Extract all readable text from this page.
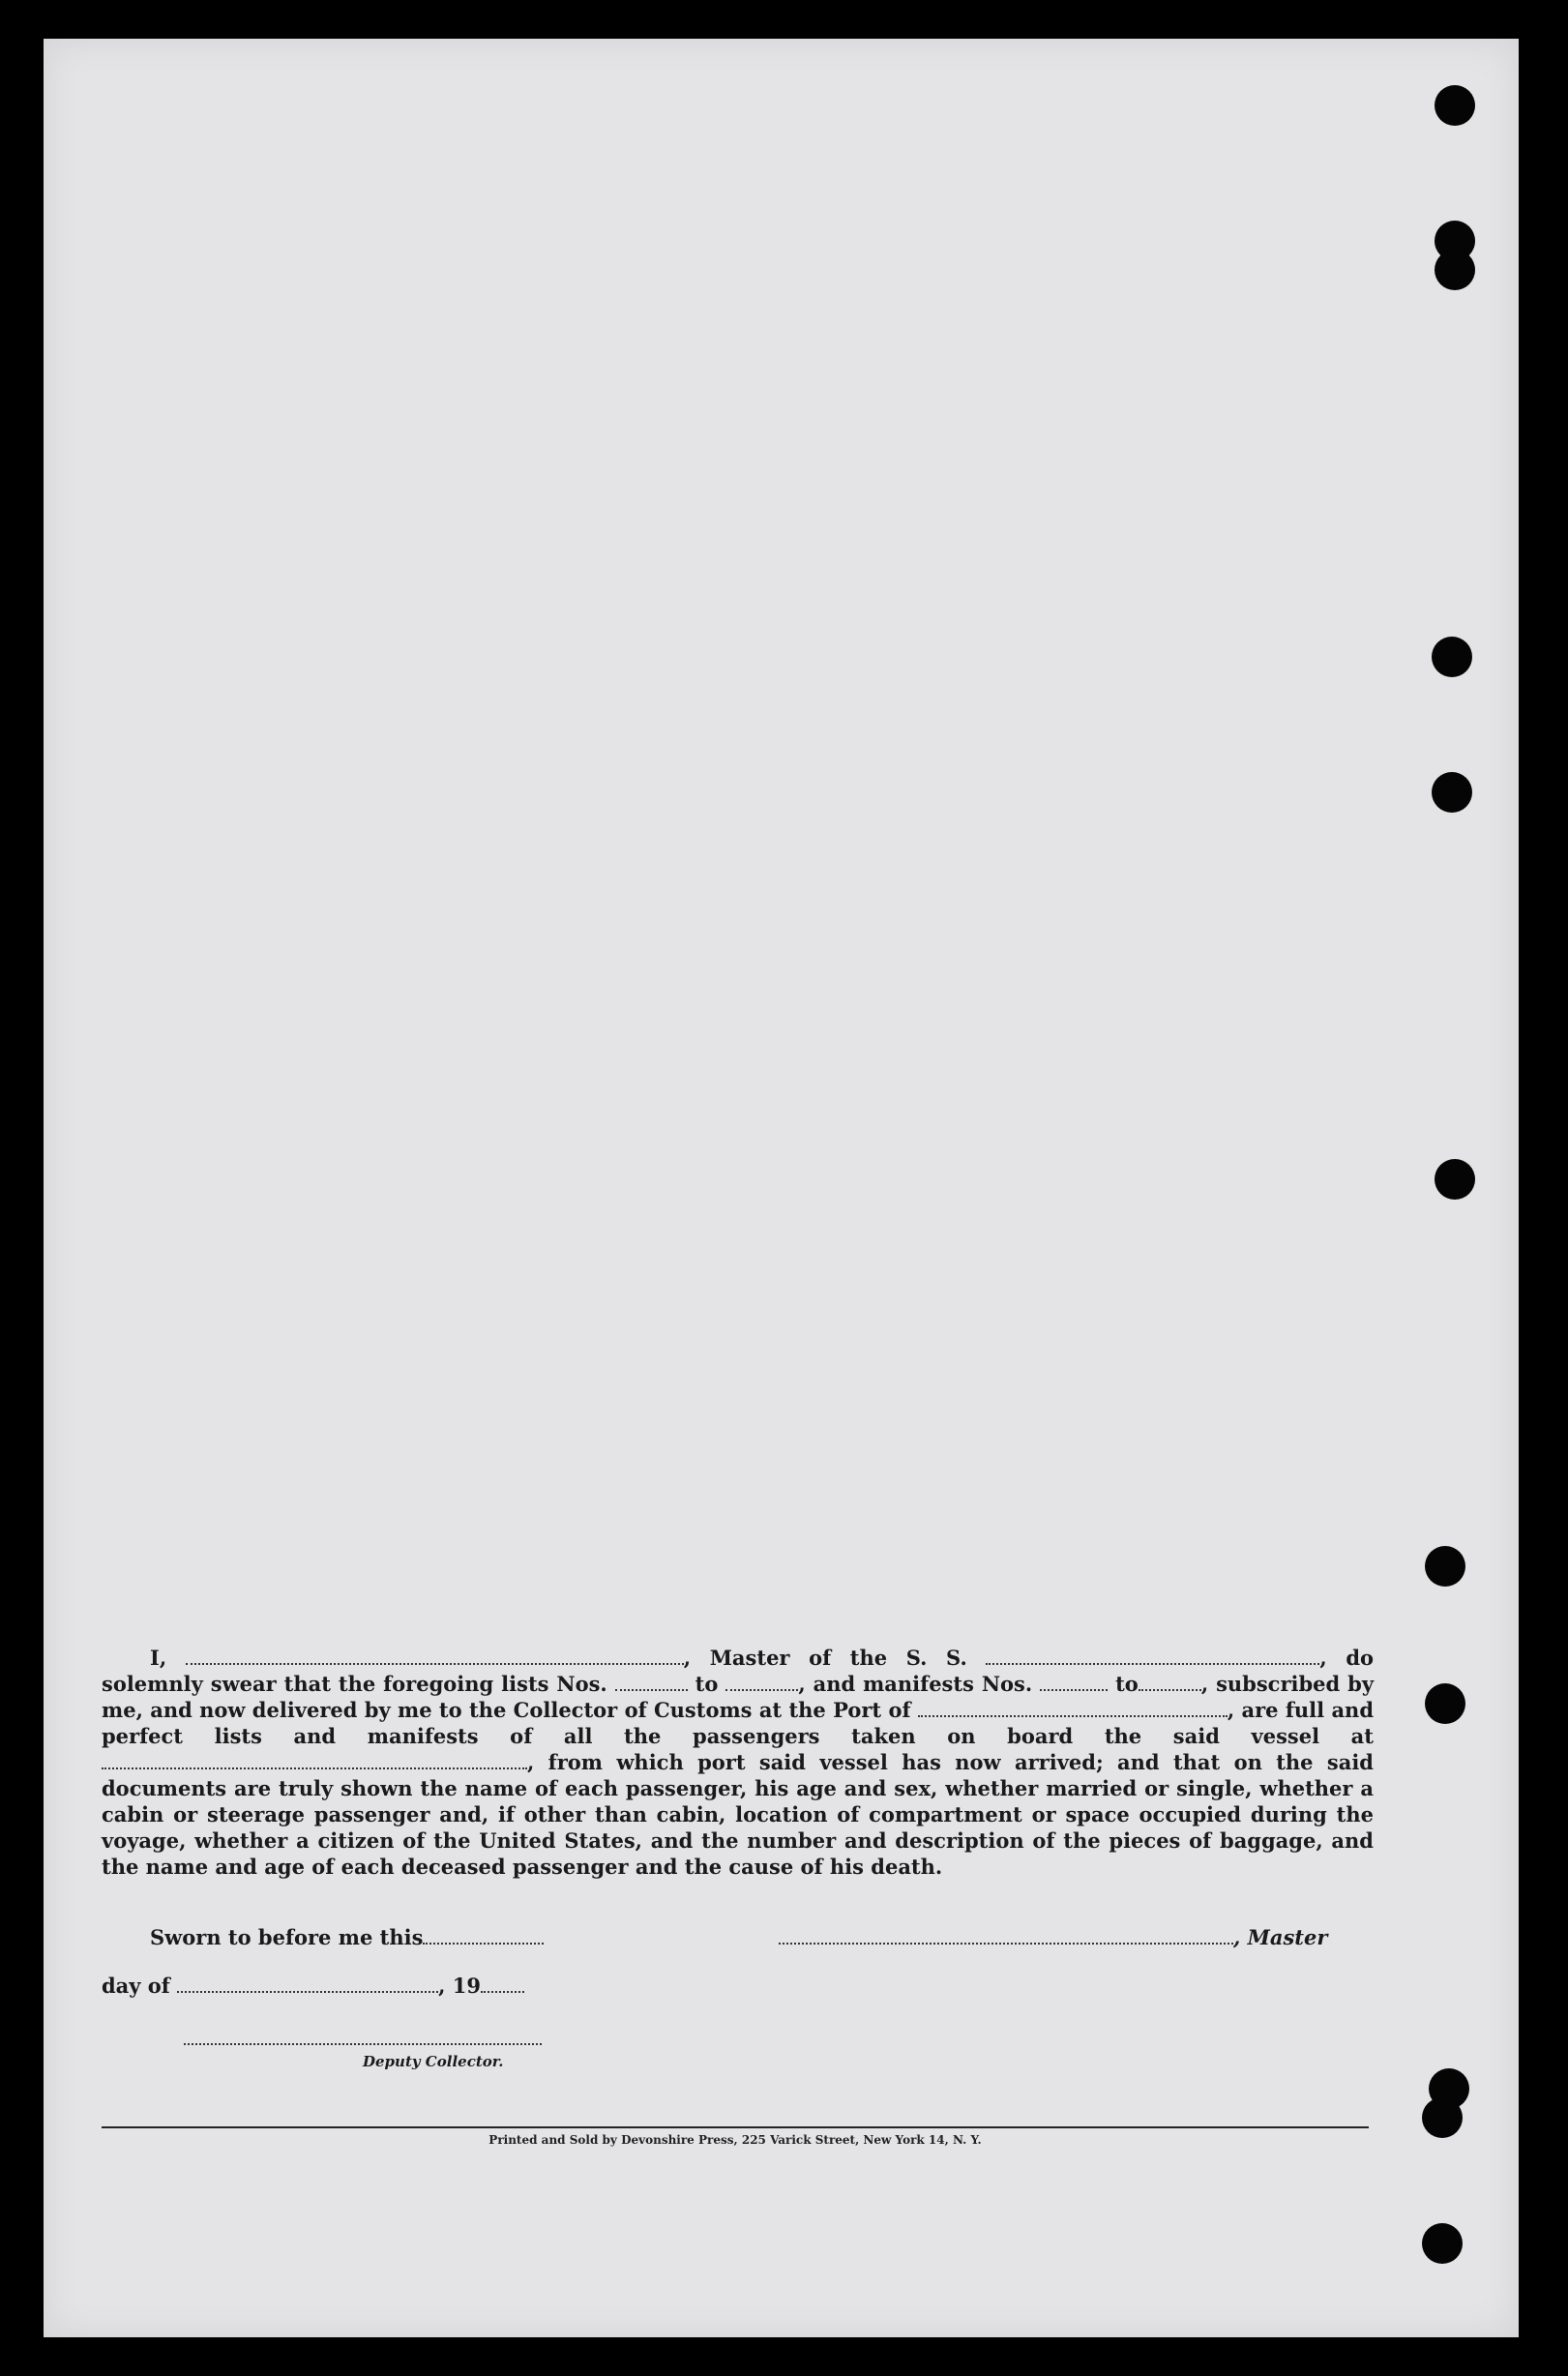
I,	, Master of the S. S.	, do solemnly swear that the foregoing lists Nos.	to	, and manifests Nos.	to	, subscribed by me, and now delivered by me to the Collector of Customs at the Port of	, are full and perfect lists and manifests of all the passengers taken on board the said vessel at , from which port said vessel has now arrived; and that on the said documents are truly shown the name of each passenger, his age and sex, whether married or single, whether a cabin or steerage passenger and, if other than cabin, location of compartment or space occupied during the voyage, whether a citizen of the United States, and the number and description of the pieces of baggage, and the name and age of each deceased passenger and the cause of his death.
Sworn to before me this	, Master
day of	, 19
Deputy Collector.
Printed and Sold by Devonshire Press, 225 Varick Street, New York 14, N. Y.
